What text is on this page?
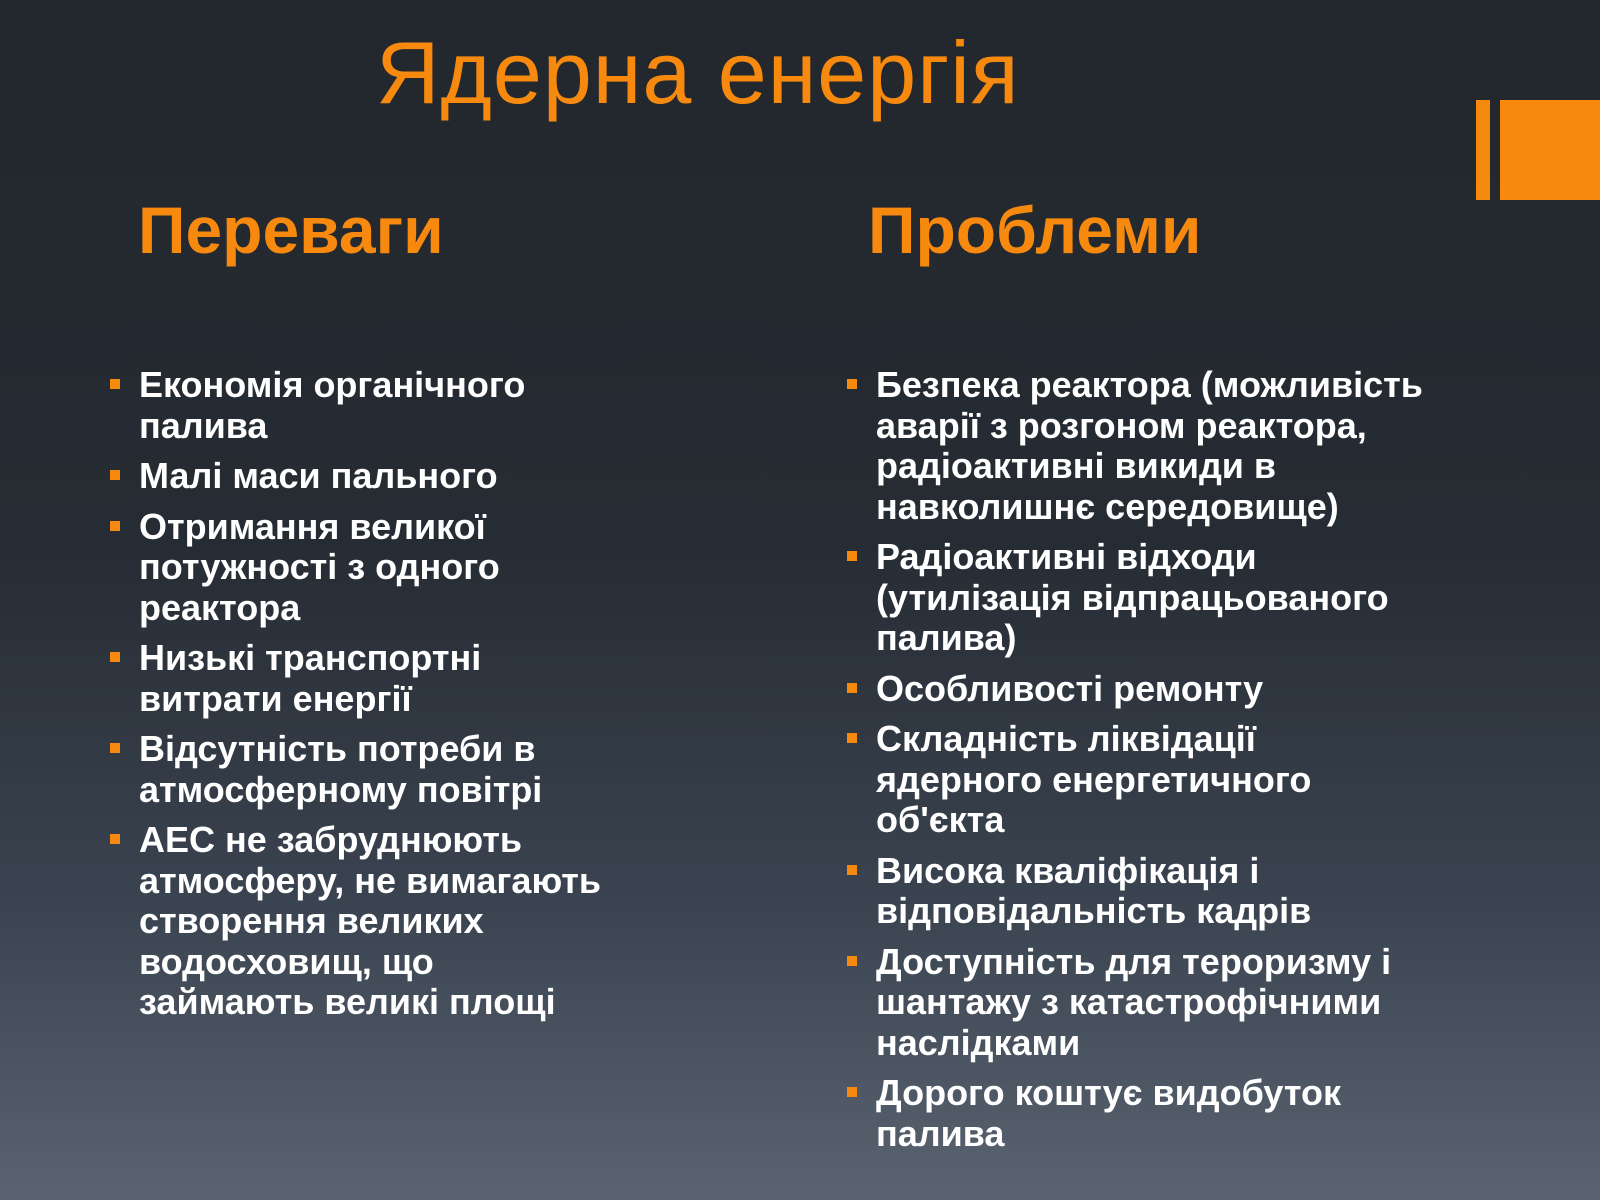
Ядерна енергія
Переваги	Проблеми
Економія органічного
палива
Малі маси пального
Отримання великої
потужності з одного
реактора
Низькі транспортні
витрати енергії
Відсутність потреби в
атмосферному повітрі
АЕС не забруднюють
атмосферу, не вимагають
створення великих
водосховищ, що
займають великі площі
Безпека реактора (можливість
аварії з розгоном реактора,
радіоактивні викиди в
навколишнє середовище)
Радіоактивні відходи
(утилізація відпрацьованого
палива)
Особливості ремонту
Складність ліквідації
ядерного енергетичного
об'єкта
Висока кваліфікація і
відповідальність кадрів
Доступність для тероризму і
шантажу з катастрофічними
наслідками
Дорого коштує видобуток
палива
